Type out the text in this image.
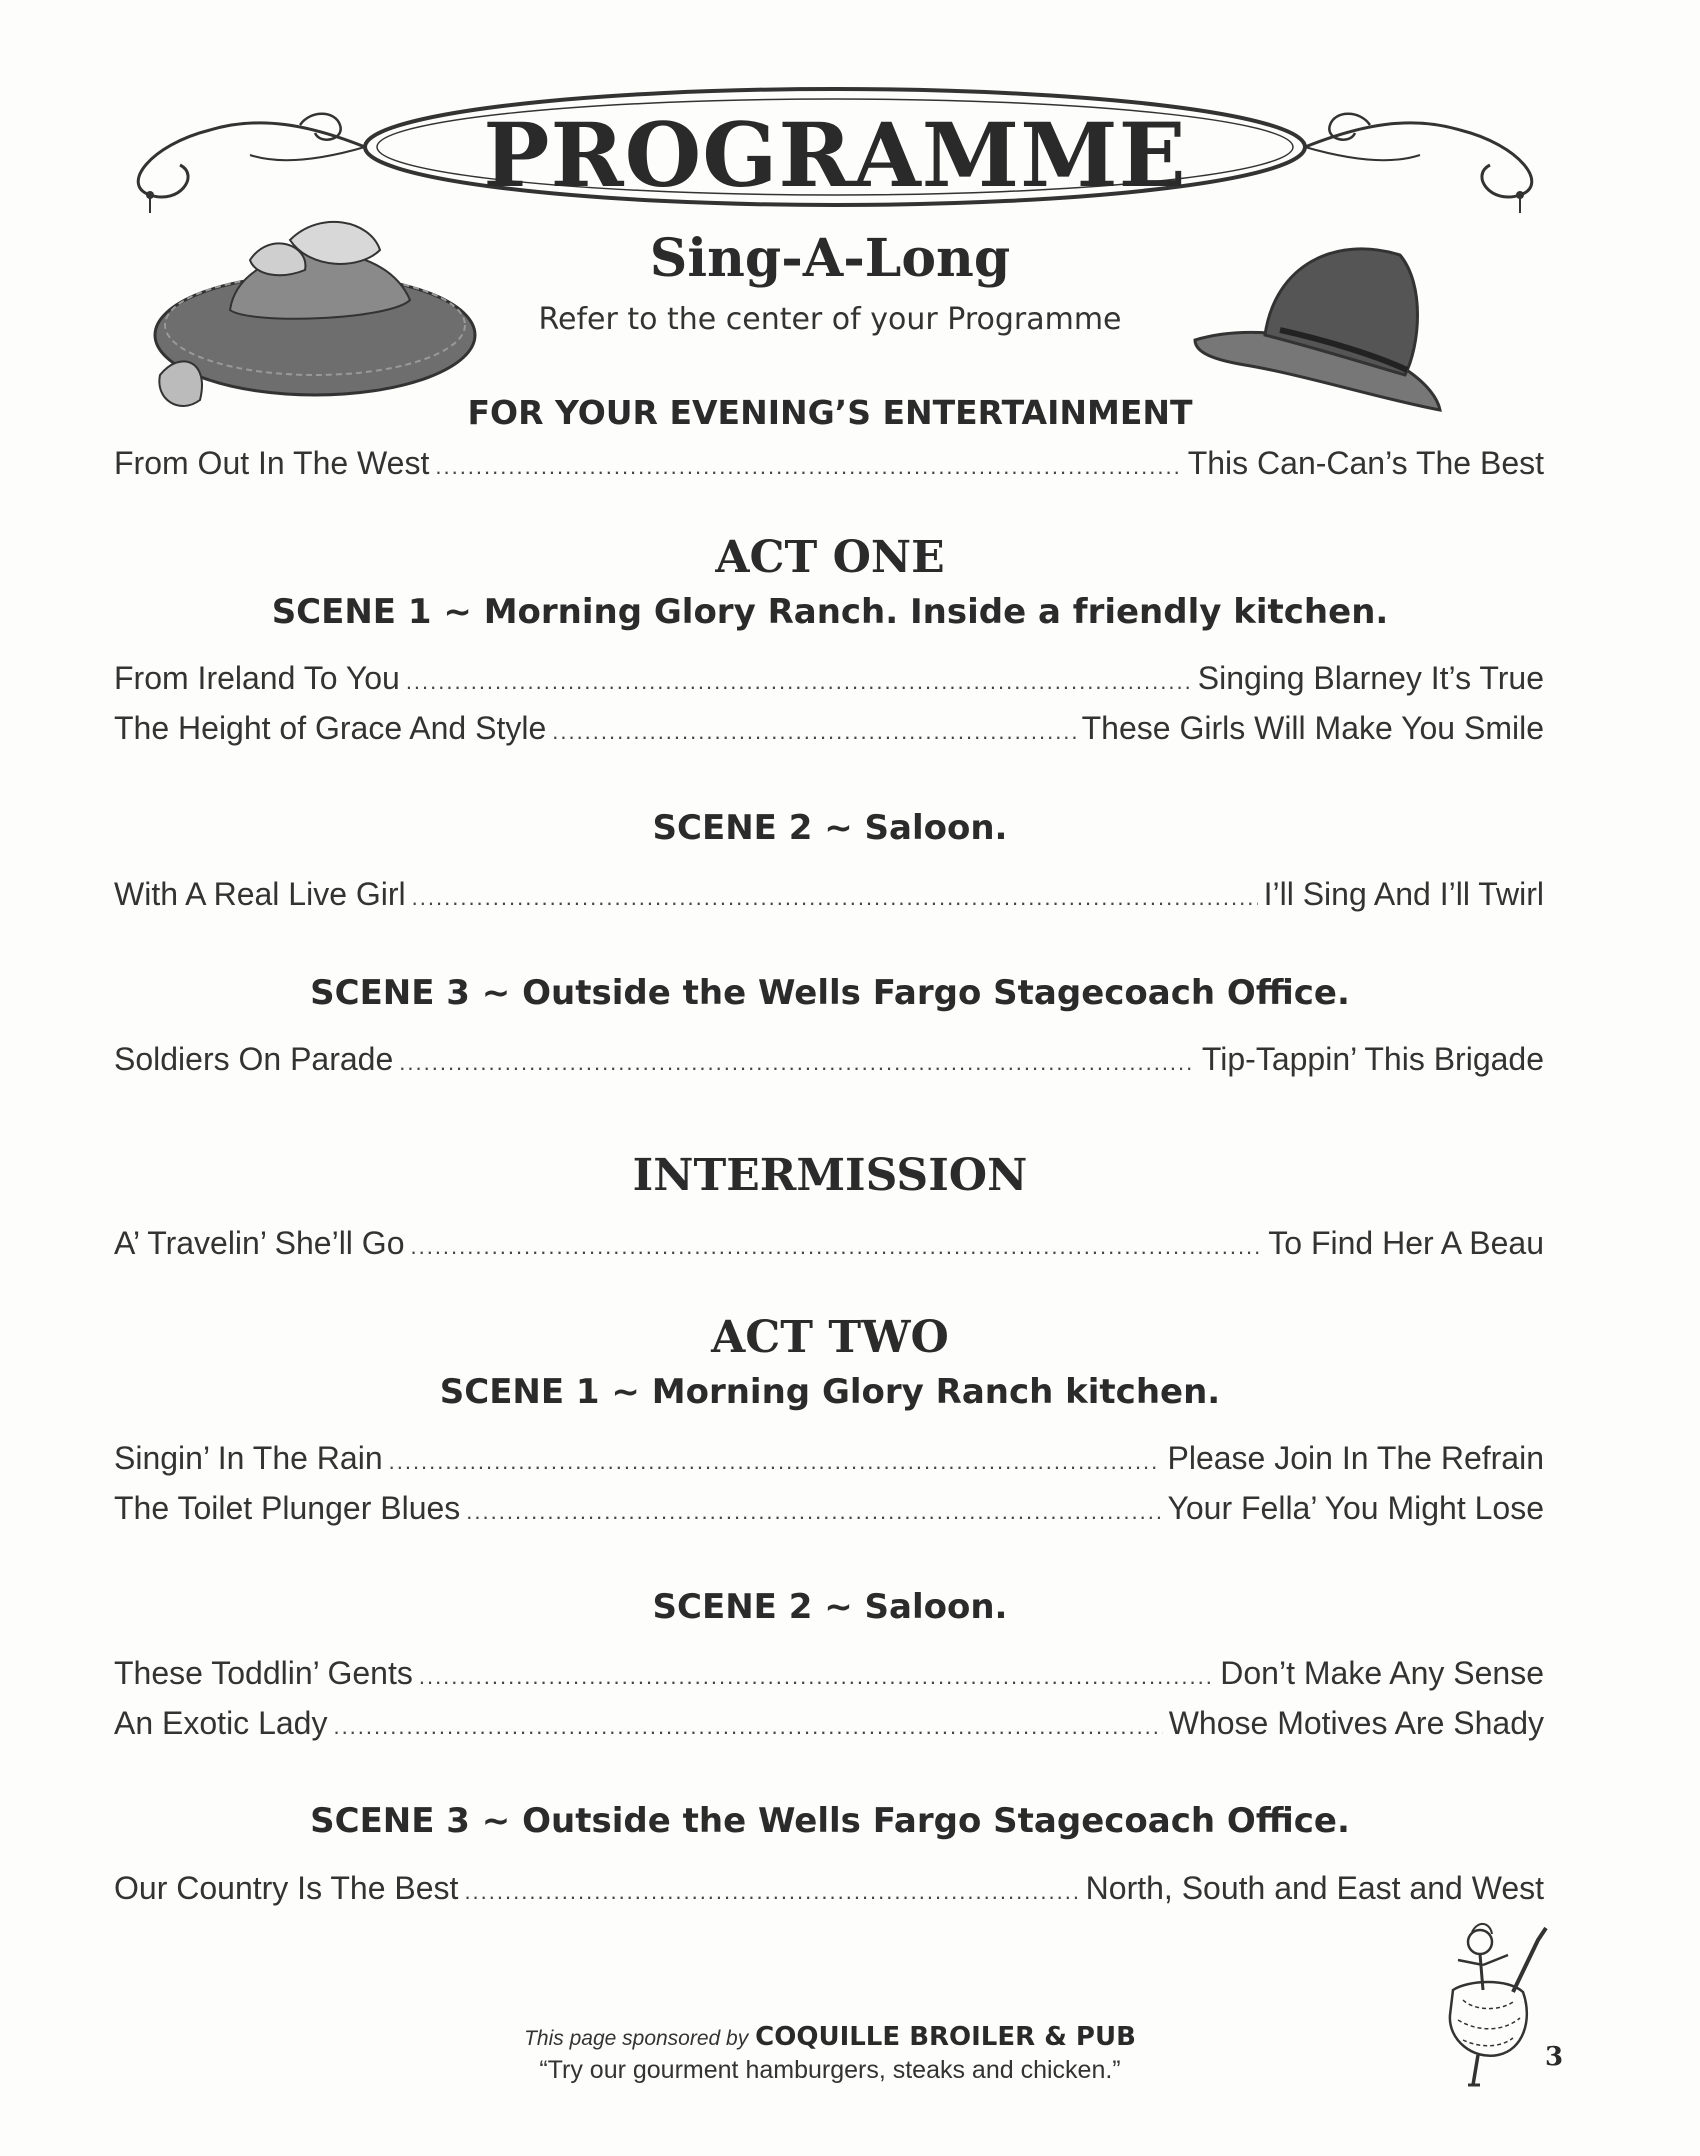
PROGRAMME
Sing-A-Long
Refer to the center of your Programme
FOR YOUR EVENING’S ENTERTAINMENT
From Out In The West .....	This Can-Can’s The Best
ACT ONE
SCENE 1 ~ Morning Glory Ranch. Inside a friendly kitchen.
From Ireland To You .....	Singing Blarney It’s True
The Height of Grace And Style .....	These Girls Will Make You Smile
SCENE 2 ~ Saloon.
With A Real Live Girl .....	I’ll Sing And I’ll Twirl
SCENE 3 ~ Outside the Wells Fargo Stagecoach Office.
Soldiers On Parade .....	Tip-Tappin’ This Brigade
INTERMISSION
A’ Travelin’ She’ll Go .....	To Find Her A Beau
ACT TWO
SCENE 1 ~ Morning Glory Ranch kitchen.
Singin’ In The Rain .....	Please Join In The Refrain
The Toilet Plunger Blues .....	Your Fella’ You Might Lose
SCENE 2 ~ Saloon.
These Toddlin’ Gents .....	Don’t Make Any Sense
An Exotic Lady .....	Whose Motives Are Shady
SCENE 3 ~ Outside the Wells Fargo Stagecoach Office.
Our Country Is The Best .....	North, South and East and West
This page sponsored by COQUILLE BROILER & PUB
“Try our gourment hamburgers, steaks and chicken.”	3
